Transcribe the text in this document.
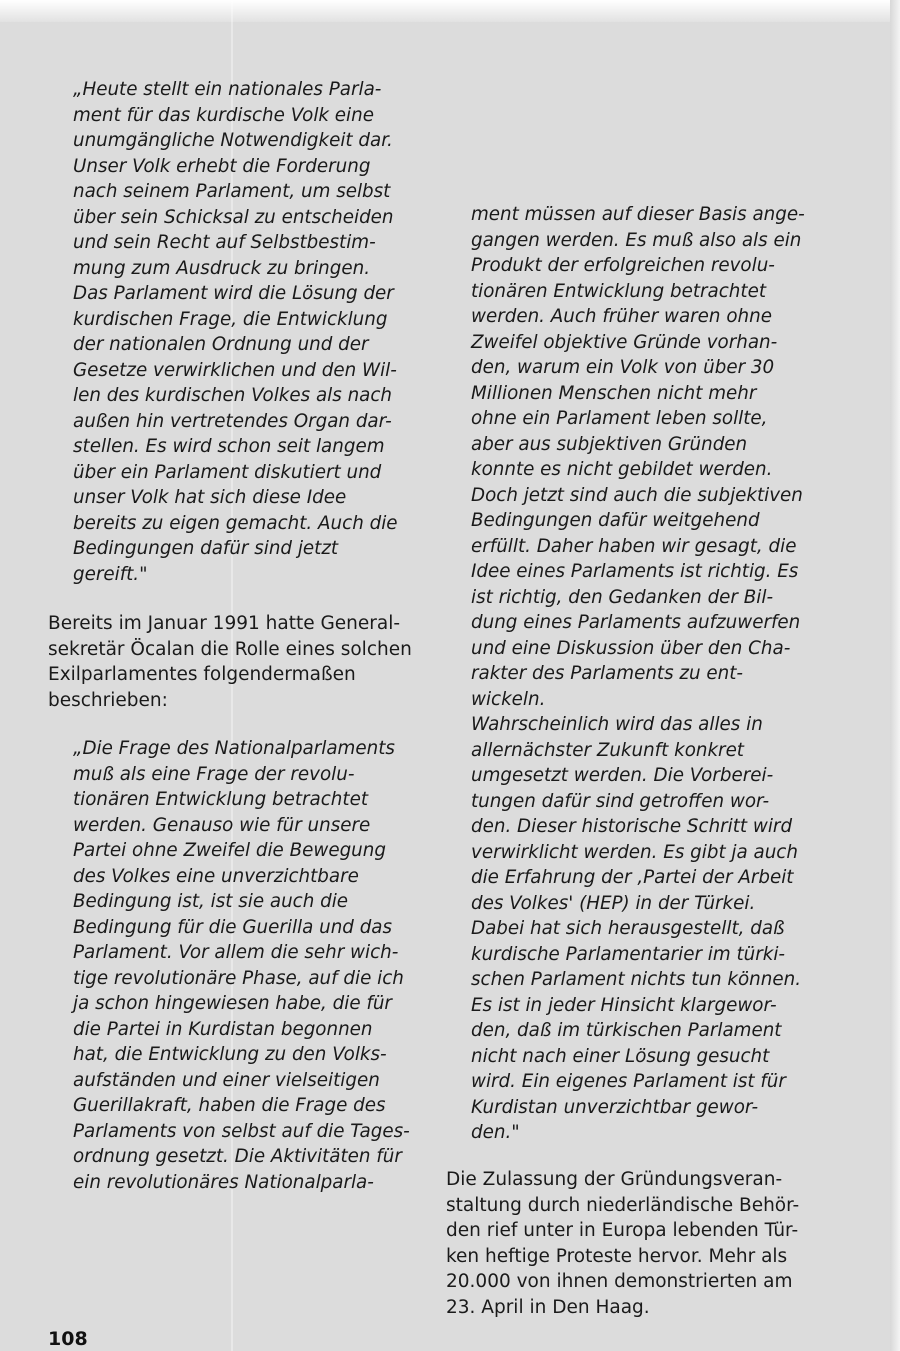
„Heute stellt ein nationales Parla-
ment für das kurdische Volk eine
unumgängliche Notwendigkeit dar.
Unser Volk erhebt die Forderung
nach seinem Parlament, um selbst
über sein Schicksal zu entscheiden
und sein Recht auf Selbstbestim-
mung zum Ausdruck zu bringen.
Das Parlament wird die Lösung der
kurdischen Frage, die Entwicklung
der nationalen Ordnung und der
Gesetze verwirklichen und den Wil-
len des kurdischen Volkes als nach
außen hin vertretendes Organ dar-
stellen. Es wird schon seit langem
über ein Parlament diskutiert und
unser Volk hat sich diese Idee
bereits zu eigen gemacht. Auch die
Bedingungen dafür sind jetzt
gereift."
Bereits im Januar 1991 hatte General-
sekretär Öcalan die Rolle eines solchen
Exilparlamentes folgendermaßen
beschrieben:
„Die Frage des Nationalparlaments
muß als eine Frage der revolu-
tionären Entwicklung betrachtet
werden. Genauso wie für unsere
Partei ohne Zweifel die Bewegung
des Volkes eine unverzichtbare
Bedingung ist, ist sie auch die
Bedingung für die Guerilla und das
Parlament. Vor allem die sehr wich-
tige revolutionäre Phase, auf die ich
ja schon hingewiesen habe, die für
die Partei in Kurdistan begonnen
hat, die Entwicklung zu den Volks-
aufständen und einer vielseitigen
Guerillakraft, haben die Frage des
Parlaments von selbst auf die Tages-
ordnung gesetzt. Die Aktivitäten für
ein revolutionäres Nationalparla-
ment müssen auf dieser Basis ange-
gangen werden. Es muß also als ein
Produkt der erfolgreichen revolu-
tionären Entwicklung betrachtet
werden. Auch früher waren ohne
Zweifel objektive Gründe vorhan-
den, warum ein Volk von über 30
Millionen Menschen nicht mehr
ohne ein Parlament leben sollte,
aber aus subjektiven Gründen
konnte es nicht gebildet werden.
Doch jetzt sind auch die subjektiven
Bedingungen dafür weitgehend
erfüllt. Daher haben wir gesagt, die
Idee eines Parlaments ist richtig. Es
ist richtig, den Gedanken der Bil-
dung eines Parlaments aufzuwerfen
und eine Diskussion über den Cha-
rakter des Parlaments zu ent-
wickeln.
Wahrscheinlich wird das alles in
allernächster Zukunft konkret
umgesetzt werden. Die Vorberei-
tungen dafür sind getroffen wor-
den. Dieser historische Schritt wird
verwirklicht werden. Es gibt ja auch
die Erfahrung der ,Partei der Arbeit
des Volkes' (HEP) in der Türkei.
Dabei hat sich herausgestellt, daß
kurdische Parlamentarier im türki-
schen Parlament nichts tun können.
Es ist in jeder Hinsicht klargewor-
den, daß im türkischen Parlament
nicht nach einer Lösung gesucht
wird. Ein eigenes Parlament ist für
Kurdistan unverzichtbar gewor-
den."
Die Zulassung der Gründungsveran-
staltung durch niederländische Behör-
den rief unter in Europa lebenden Tür-
ken heftige Proteste hervor. Mehr als
20.000 von ihnen demonstrierten am
23. April in Den Haag.
108
